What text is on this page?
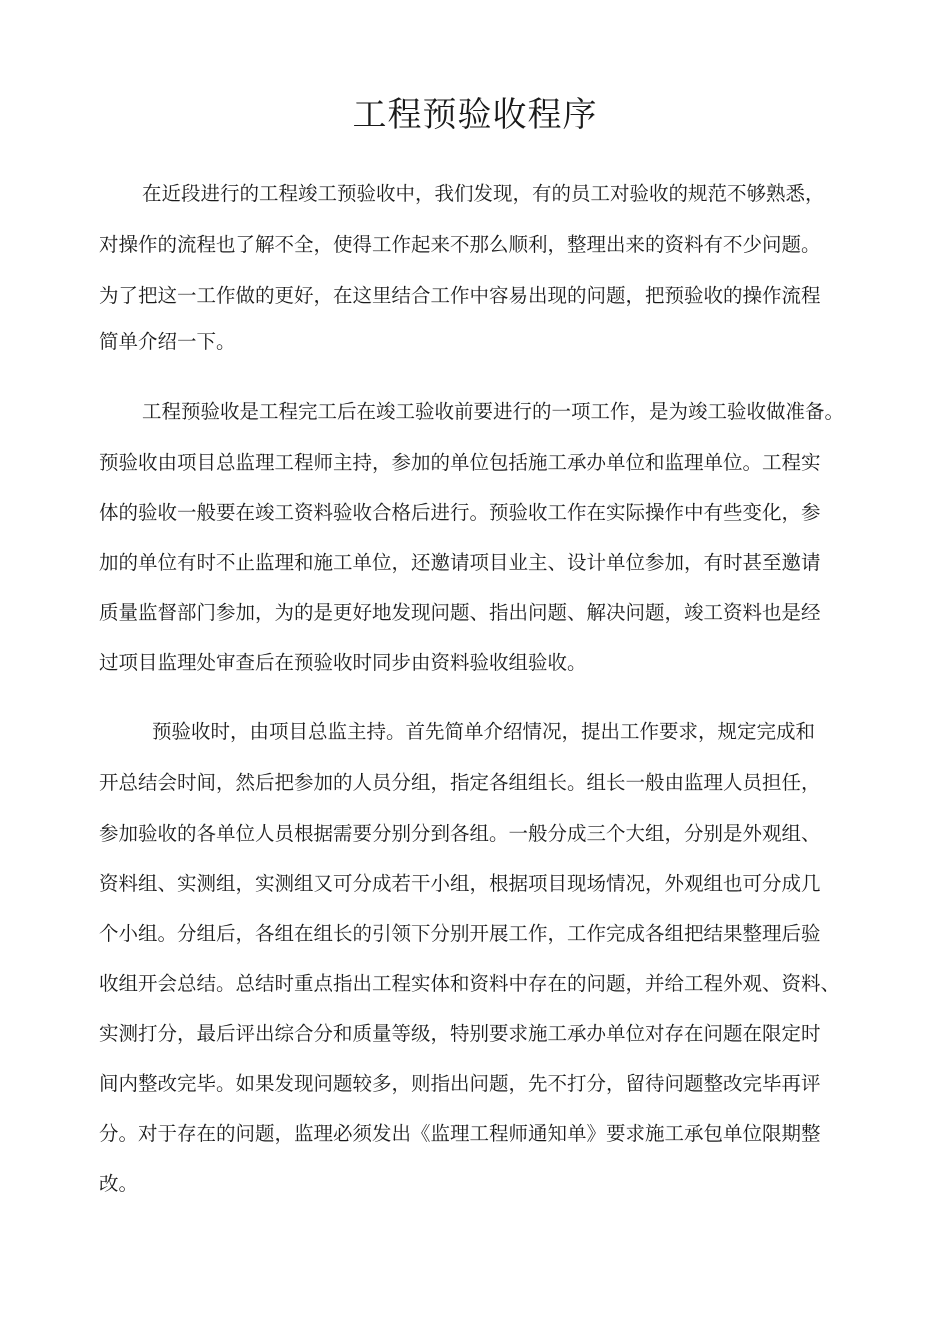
工程预验收程序

在近段进行的工程竣工预验收中，我们发现，有的员工对验收的规范不够熟悉，

对操作的流程也了解不全，使得工作起来不那么顺利，整理出来的资料有不少问题。

为了把这一工作做的更好，在这里结合工作中容易出现的问题，把预验收的操作流程

简单介绍一下。

工程预验收是工程完工后在竣工验收前要进行的一项工作，是为竣工验收做准备。

预验收由项目总监理工程师主持，参加的单位包括施工承办单位和监理单位。工程实

体的验收一般要在竣工资料验收合格后进行。预验收工作在实际操作中有些变化，参

加的单位有时不止监理和施工单位，还邀请项目业主、设计单位参加，有时甚至邀请

质量监督部门参加，为的是更好地发现问题、指出问题、解决问题，竣工资料也是经

过项目监理处审查后在预验收时同步由资料验收组验收。

预验收时，由项目总监主持。首先简单介绍情况，提出工作要求，规定完成和

开总结会时间，然后把参加的人员分组，指定各组组长。组长一般由监理人员担任，

参加验收的各单位人员根据需要分别分到各组。一般分成三个大组，分别是外观组、

资料组、实测组，实测组又可分成若干小组，根据项目现场情况，外观组也可分成几

个小组。分组后，各组在组长的引领下分别开展工作，工作完成各组把结果整理后验

收组开会总结。总结时重点指出工程实体和资料中存在的问题，并给工程外观、资料、

实测打分，最后评出综合分和质量等级，特别要求施工承办单位对存在问题在限定时

间内整改完毕。如果发现问题较多，则指出问题，先不打分，留待问题整改完毕再评

分。对于存在的问题，监理必须发出《监理工程师通知单》要求施工承包单位限期整

改。
